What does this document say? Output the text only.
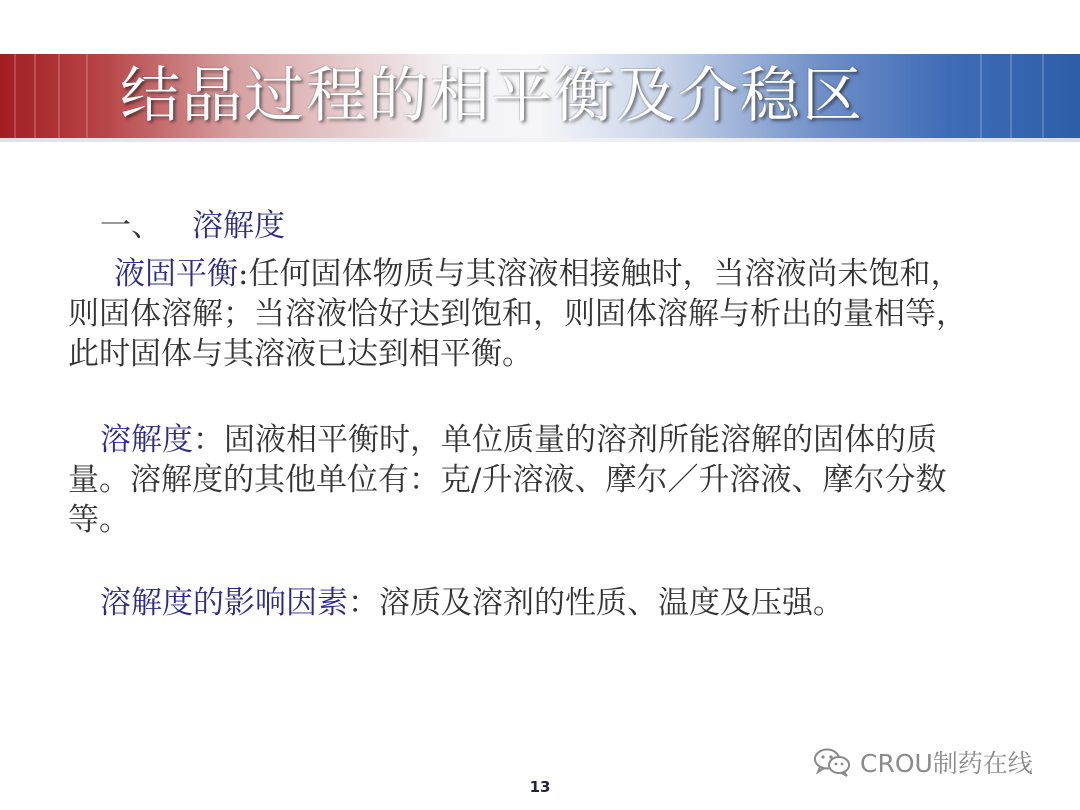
结晶过程的相平衡及介稳区
一、 溶解度
液固平衡:任何固体物质与其溶液相接触时，当溶液尚未饱和，则固体溶解；当溶液恰好达到饱和，则固体溶解与析出的量相等，此时固体与其溶液已达到相平衡。
溶解度：固液相平衡时，单位质量的溶剂所能溶解的固体的质量。溶解度的其他单位有：克/升溶液、摩尔／升溶液、摩尔分数等。
溶解度的影响因素：溶质及溶剂的性质、温度及压强。
13
CROU制药在线
